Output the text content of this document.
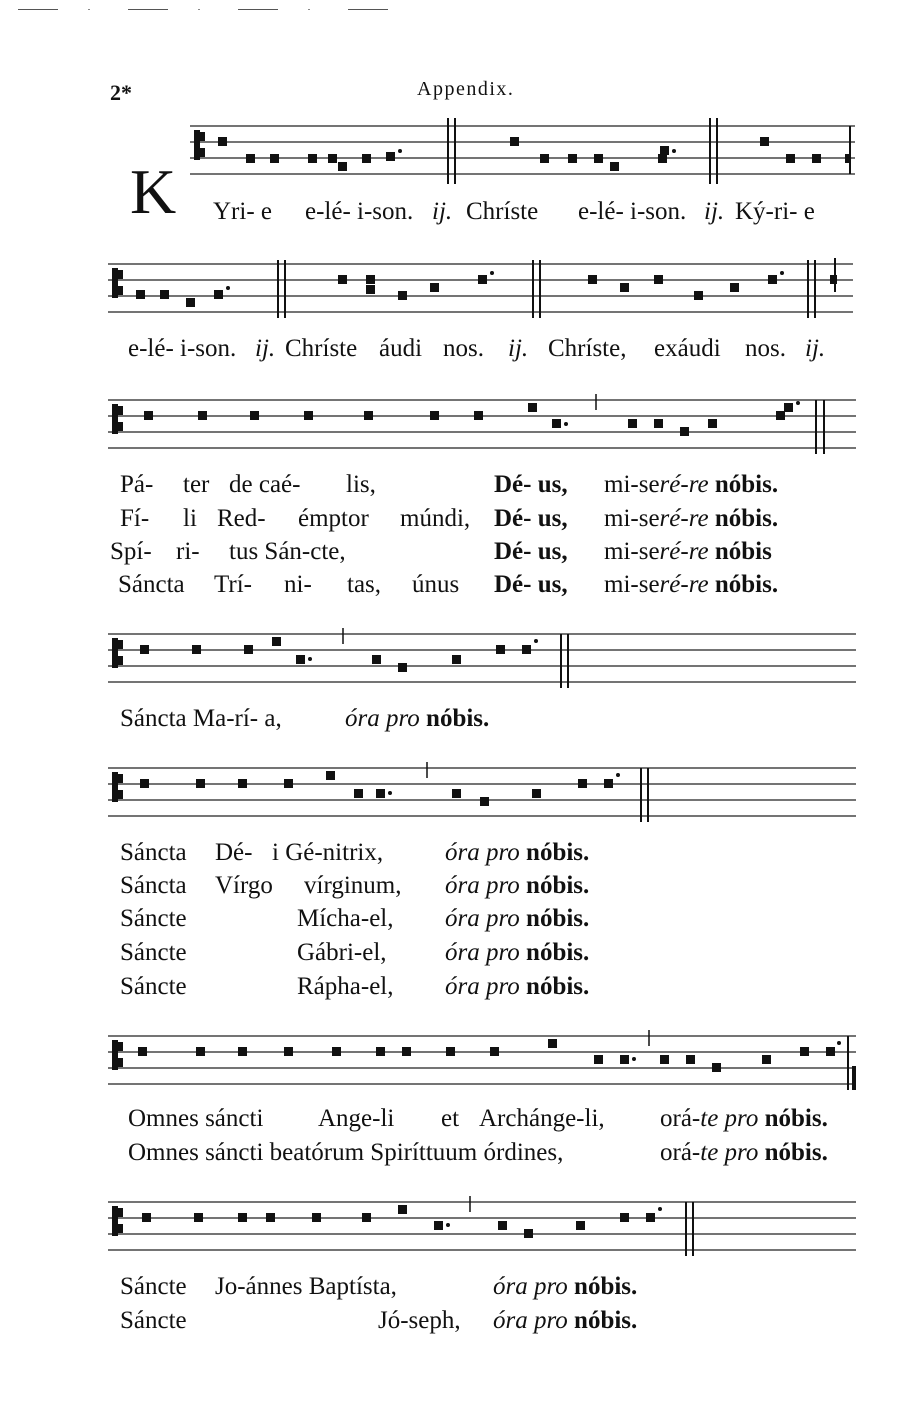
2*	Appendix.
K Yri- e e-lé- i-son. ij. Chríste e-lé- i-son. ij. Ký-ri- e
e-lé- i-son. ij. Chríste áudi nos. ij. Chríste, exáudi nos. ij.
Pá- ter de caé- lis,	Dé- us, mi-seré-re nóbis.
Fí- li Red- émptor múndi, Dé- us, mi-seré-re nóbis.
Spí- ri- tus Sán-cte,	Dé- us, mi-seré-re nóbis
Sáncta Trí- ni- tas, únus Dé- us, mi-seré-re nóbis.
Sáncta Ma-rí- a,	óra pro nóbis.
Sáncta Dé- i Gé-nitrix, óra pro nóbis.
Sáncta Vírgo vírginum, óra pro nóbis.
Sáncte	Mícha-el, óra pro nóbis.
Sáncte	Gábri-el, óra pro nóbis.
Sáncte	Rápha-el, óra pro nóbis.
Omnes sáncti Ange-li et Archánge-li, orá-te pro nóbis.
Omnes sáncti beatórum Spiríttuum órdines,	orá-te pro nóbis.
Sáncte Jo-ánnes Baptísta,	óra pro nóbis.
Sáncte	Jó-seph, óra pro nóbis.
